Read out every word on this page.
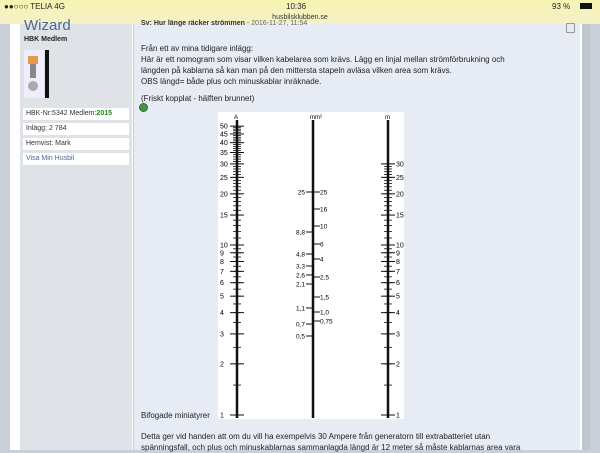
●●○○○ TELIA 4G	10:36	93 %
husbilsklubben.se
Wizard
HBK Medlem
HBK-Nr:5342 Medlem:2015
Inlägg: 2 784
Hemvist: Mark
Visa Min Husbil
Sv: Hur länge räcker strömmen - 2016-11-27, 11:54
Från ett av mina tidigare inlägg:
Här är ett nomogram som visar vilken kabelarea som krävs. Lägg en linjal mellan strömförbrukning och
längden på kablarna så kan man på den mittersta stapeln avläsa vilken area som krävs.
OBS längd= både plus och minuskablar inräknade.
(Friskt kopplat - hälften brunnet)
Bifogade miniatyrer
Detta ger vid handen att om du vill ha exempelvis 30 Ampere från generatorn till extrabatteriet utan
spänningsfall, och plus och minuskablarnas sammanlagda längd är 12 meter så måste kablarnas area vara
A	mm²	m
50
45
40
35
30
25
20
15
10
9
8
7
6
5
4
3
2
1
30
25
20
15
10
9
8
7
6
5
4
3
2
1
25
8,8
4,8
3,3
2,6
2,1
1,1
0,7
0,5
25
16
10
6
4
2,5
1,5
1,0
0,75
